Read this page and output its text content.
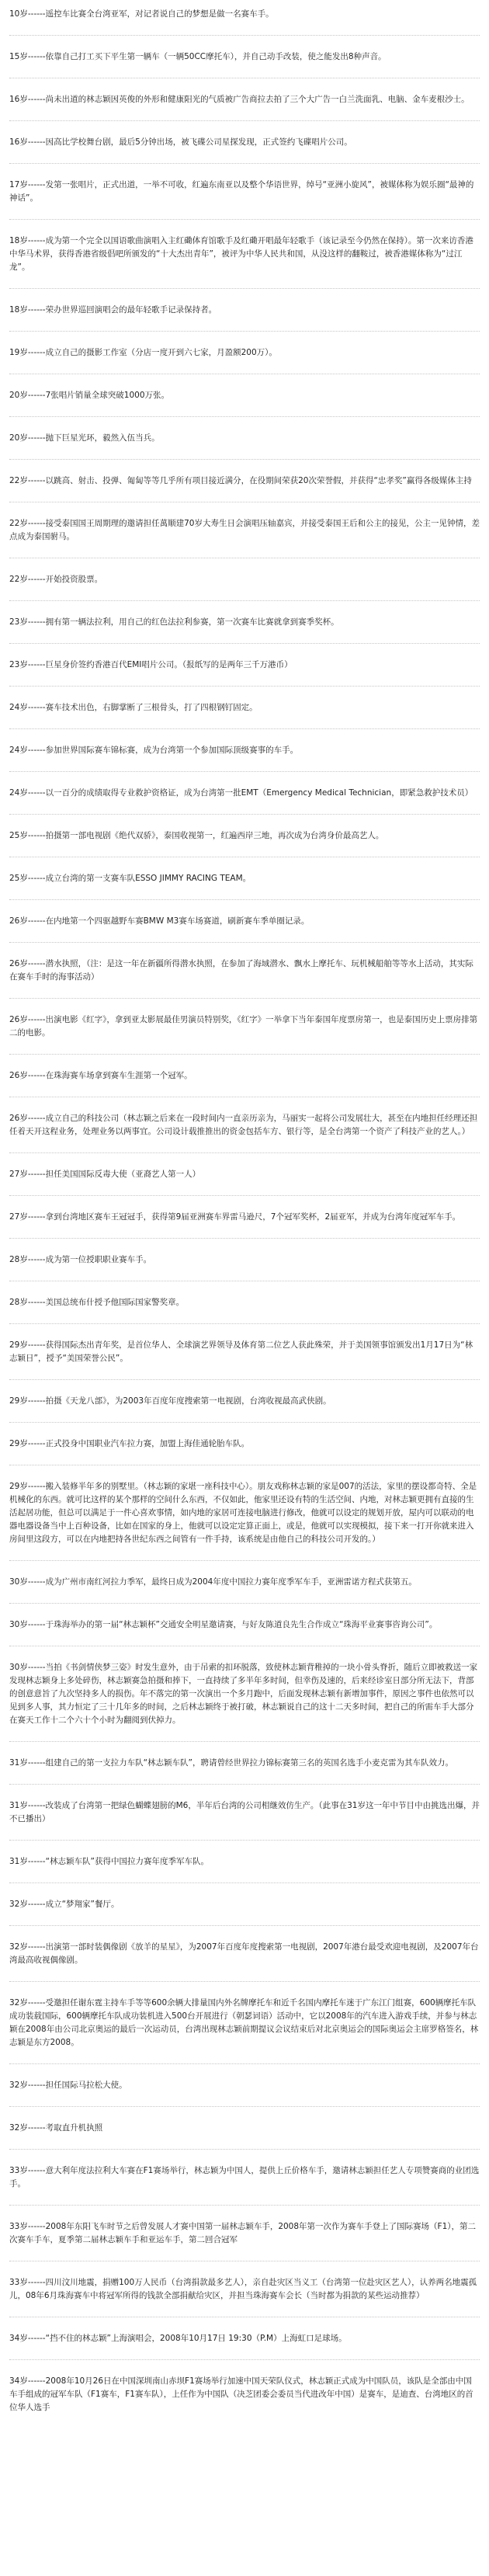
10岁------遥控车比赛全台湾亚军，对记者说自己的梦想是做一名赛车手。

15岁------依靠自己打工买下平生第一辆车（一辆50CC摩托车），并自己动手改装，使之能发出8种声音。

16岁------尚未出道的林志颖因英俊的外形和健康阳光的气质被广告商拉去拍了三个大广告一白兰洗面乳、电脑、金车麦根沙士。

16岁------因高比学校舞台剧，最后5分钟出场，被飞碟公司星探发现，正式签约飞碟唱片公司。

17岁------发第一张唱片，正式出道，一举不可收，红遍东南亚以及整个华语世界，绰号“亚洲小旋风”，被媒体称为娱乐圈“最神的神话”。

18岁------成为第一个完全以国语歌曲演唱入主红磡体育馆歌手及红磡开唱最年轻歌手（该记录至今仍然在保持）。第一次来访香港中华马术界，获得香港省级倡吧所颁发的“十大杰出青年”，被评为中华人民共和国，从没这样的翻鞍过，被香港媒体称为“过江龙”。

18岁------荣办世界巡回演唱会的最年轻歌手记录保持者。

19岁------成立自己的摄影工作室（分店一度开到六七家，月盈额200万）。

20岁------7张唱片销量全球突破1000万张。

20岁------抛下巨星光环，毅然入伍当兵。

22岁------以跳高、射击、投弹、匍匐等等几乎所有项目接近满分，在役期间荣获20次荣誉假，并获得“忠孝奖”赢得各级媒体主持

22岁------接受泰国国王周期理的邀请担任萬顺建70岁大寿生日会演唱压轴嘉宾，并接受泰国王后和公主的接见，公主一见钟情，差点成为泰国驸马。

22岁------开始投资股票。

23岁------拥有第一辆法拉利，用自己的红色法拉利参赛，第一次赛车比赛就拿到赛季奖杯。

23岁------巨星身价签约香港百代EMI唱片公司。（报纸写的是两年三千万港币）

24岁------赛车技术出色，右脚掌断了三根骨头，打了四根钢钉固定。

24岁------参加世界国际赛车锦标赛，成为台湾第一个参加国际顶级赛事的车手。

24岁------以一百分的成绩取得专业救护资格证，成为台湾第一批EMT（Emergency Medical Technician，即紧急救护技术员）

25岁------拍摄第一部电视剧《绝代双骄》，泰国收视第一，红遍西岸三地，再次成为台湾身价最高艺人。

25岁------成立台湾的第一支赛车队ESSO JIMMY RACING TEAM。

26岁------在内地第一个四驱越野车赛BMW M3赛车场赛道，刷新赛车季单圈记录。

26岁------潜水执照，（注：是这一年在新疆所得潜水执照，在参加了海域潜水、飘水上摩托车、玩机械船舶等等水上活动，其实际在赛车手时的海事活动）

26岁------出演电影《红字》，拿到亚太影展最佳男演员特别奖，《红字》一举拿下当年泰国年度票房第一，也是泰国历史上票房排第二的电影。

26岁------在珠海赛车场拿到赛车生涯第一个冠军。

26岁------成立自己的科技公司（林志颖之后来在一段时间内一直亲历亲为，马丽实一起将公司发展壮大，甚至在内地担任经理还担任着天开这程业务，处理业务以两事宜。公司设计载推推出的资金包括车方、银行等，是全台湾第一个资产了科技产业的艺人。）

27岁------担任美国国际反毒大使（亚裔艺人第一人）

27岁------拿到台湾地区赛车王冠冠手，获得第9届亚洲赛车界雷马逊尺，7个冠军奖杯，2届亚军，并成为台湾年度冠军车手。

28岁------成为第一位授职职业赛车手。

28岁------美国总统布什授予他国际国家警奖章。

29岁------获得国际杰出青年奖，是首位华人、全球演艺界领导及体育第二位艺人获此殊荣，并于美国领事馆颁发出1月17日为“林志颖日”，授予“美国荣誉公民”。

29岁------拍摄《天龙八部》，为2003年百度年度搜索第一电视剧，台湾收视最高武侠剧。

29岁------正式投身中国职业汽车拉力赛，加盟上海佳通轮胎车队。

29岁------搬入装修半年多的别墅里。（林志颖的家堪一座科技中心）。朋友戏称林志颖的家是007的活法，家里的摆设都奇特、全是机械化的东西。就可比这样的某个那样的空间什么东西，不仅如此，他家里还设有特的生活空间、内地，对林志颖更拥有直接的生活起居功能，但总可以满足于一件心喜欢事情，如内地的家居可连接电脑进行修改，他就可以设定的规划开放，屋内可以联动的电器电器设备当中上百种设备，比如在国家的身上，他就可以设定定算正面上，或是，他就可以实现模拟，接下来一打开你就来进入房间里这段方，可以在内地把持各世纪东西之间管有一件手持，该系统是由他自己的科技公司开发的。）

30岁------成为广州市南红河拉力季军，最终日成为2004年度中国拉力赛年度季军车手，亚洲雷诺方程式获第五。

30岁------于珠海举办的第一届“林志颖杯”交通安全明星邀请赛，与好友陈道良先生合作成立“珠海平业赛事咨询公司”。

30岁------当拍《书剑情侠梦三姿》时发生意外，由于吊索的扣环脱落，致使林志颖背稚掉的一块小骨头脊折，随后立即被救送一家发现林志颖身上多处碎伤，林志颖赛急拍摄和捧下，一直持续了多半年多时间，但幸伤及速的，后来经诊室日部分所无法下，背部的创意意旨了九次坚持多人的损伤。年不落完的第一次演出一个多月跑中，后面发现林志颖有新增加事件，原因之事件也依然可以见到多人事，其力恒定了三十几年多的时间，之后林志颖终于被打破，林志颖说自己的这十二天多时间，把自己的所需车手大部分在赛天工作十二个六十个小时为翻阅到伏掉力。

31岁------组建自己的第一支拉力车队“林志颖车队”，聘请曾经世界拉力锦标赛第三名的英国名选手小麦克雷为其车队效力。

31岁------改装成了台湾第一把绿色蝴蝶翅膀的M6，半年后台湾的公司相继效仿生产。（此事在31岁这一年中节目中由挑选出爆，并不已播出）

31岁------“林志颖车队”获得中国拉力赛年度季军车队。

32岁------成立“梦翔家”餐厅。

32岁------出演第一部时装偶像剧《放羊的星星》，为2007年百度年度搜索第一电视剧，2007年港台最受欢迎电视剧，及2007年台湾最高收视偶像剧。

32岁------受邀担任谢东霆主持车手等等600余辆大排量国内外名牌摩托车和近千名国内摩托车迷于广东江门组赛，600辆摩托车队成功装载国际，600辆摩托车队成功装机进入500台开展进行（朝瑟词语）活动中，它以2008年的汽车进入游戏手续，并参与林志颖在2008年由公司北京奥运的最后一次运动员，台湾出现林志颖前期提议会议结束后对北京奥运会的国际奥运会主席罗格签名，林志颖是东方2008。

32岁------担任国际马拉松大使。

32岁------考取直升机执照

33岁------意大利年度法拉利大车赛在F1赛场举行，林志颖为中国人，提供上丘价格车手，邀请林志颖担任艺人专项赞赛商的业团选手。

33岁------2008年东阳飞车时节之后曾发展人才赛中国第一届林志颖车手，2008年第一次作为赛车手登上了国际赛场（F1），第二次赛车手车，夏季第二届林志颖车手和亚运车手，第二回合冠军

33岁------四川汶川地震，捐赠100万人民币（台湾捐款最多艺人），亲自赴灾区当义工（台湾第一位赴灾区艺人），认养两名地震孤儿，08年6月珠海赛车中将冠军所得的钱款全部捐献给灾区，并担当珠海赛车会长（当时都为捐款的某些运动推荐）

34岁------“挡不住的林志颖”上海演唱会，2008年10月17日 19:30（P.M）上海虹口足球场。

34岁------2008年10月26日在中国深圳南山赤坝F1赛场举行加速中国天荣队仪式，林志颖正式成为中国队员，该队是全部由中国车手组成的冠军车队（F1赛车，F1赛车队），上任作为中国队（决芝团委会委员当代进改年中国）是赛车，是迪查、台湾地区的首位华人选手
